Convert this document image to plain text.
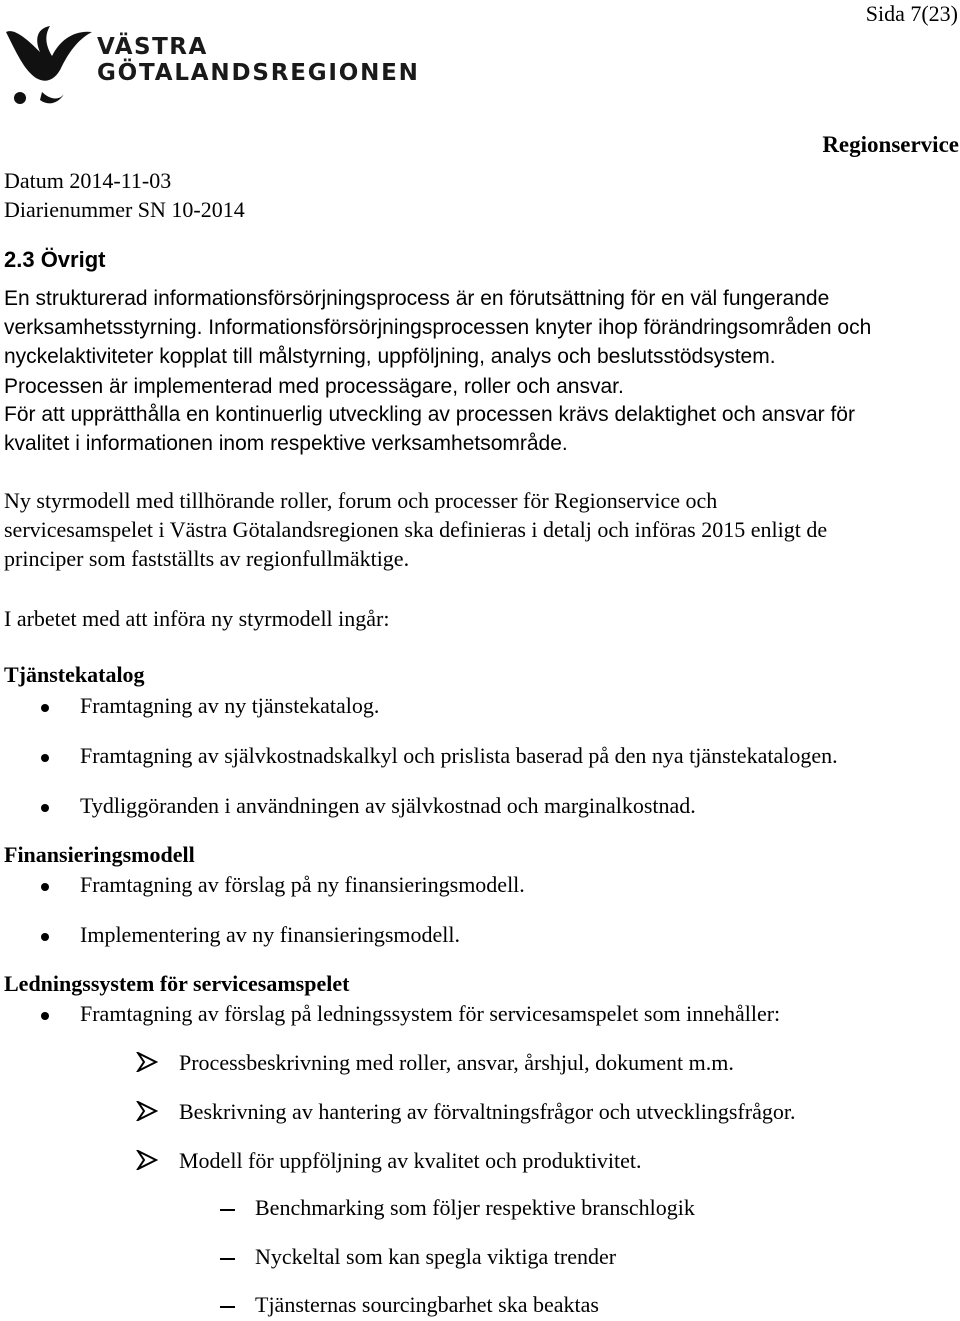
Sida 7(23)
VÄSTRA
GÖTALANDSREGIONEN
Regionservice
Datum 2014-11-03
Diarienummer SN 10-2014
2.3 Övrigt
En strukturerad informationsförsörjningsprocess är en förutsättning för en väl fungerande
verksamhetsstyrning. Informationsförsörjningsprocessen knyter ihop förändringsområden och
nyckelaktiviteter kopplat till målstyrning, uppföljning, analys och beslutsstödsystem.
Processen är implementerad med processägare, roller och ansvar.
För att upprätthålla en kontinuerlig utveckling av processen krävs delaktighet och ansvar för
kvalitet i informationen inom respektive verksamhetsområde.
Ny styrmodell med tillhörande roller, forum och processer för Regionservice och
servicesamspelet i Västra Götalandsregionen ska definieras i detalj och införas 2015 enligt de
principer som fastställts av regionfullmäktige.
I arbetet med att införa ny styrmodell ingår:
Tjänstekatalog
Framtagning av ny tjänstekatalog.
Framtagning av självkostnadskalkyl och prislista baserad på den nya tjänstekatalogen.
Tydliggöranden i användningen av självkostnad och marginalkostnad.
Finansieringsmodell
Framtagning av förslag på ny finansieringsmodell.
Implementering av ny finansieringsmodell.
Ledningssystem för servicesamspelet
Framtagning av förslag på ledningssystem för servicesamspelet som innehåller:
Processbeskrivning med roller, ansvar, årshjul, dokument m.m.
Beskrivning av hantering av förvaltningsfrågor och utvecklingsfrågor.
Modell för uppföljning av kvalitet och produktivitet.
Benchmarking som följer respektive branschlogik
Nyckeltal som kan spegla viktiga trender
Tjänsternas sourcingbarhet ska beaktas
